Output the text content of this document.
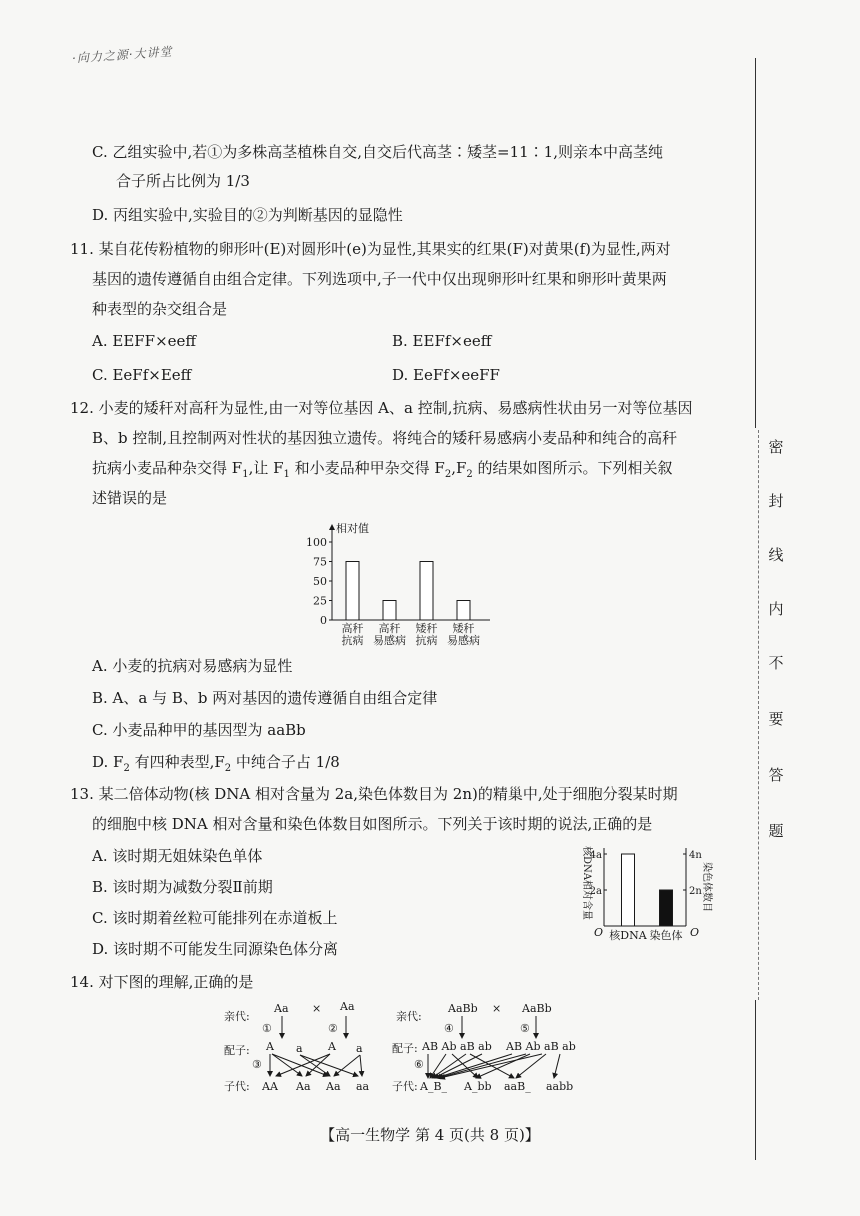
·向力之源·大讲堂
C. 乙组实验中,若①为多株高茎植株自交,自交后代高茎∶矮茎=11∶1,则亲本中高茎纯
合子所占比例为 1/3
D. 丙组实验中,实验目的②为判断基因的显隐性
11. 某自花传粉植物的卵形叶(E)对圆形叶(e)为显性,其果实的红果(F)对黄果(f)为显性,两对
基因的遗传遵循自由组合定律。下列选项中,子一代中仅出现卵形叶红果和卵形叶黄果两
种表型的杂交组合是
A. EEFF×eeff	B. EEFf×eeff
C. EeFf×Eeff	D. EeFf×eeFF
12. 小麦的矮秆对高秆为显性,由一对等位基因 A、a 控制,抗病、易感病性状由另一对等位基因
B、b 控制,且控制两对性状的基因独立遗传。将纯合的矮秆易感病小麦品种和纯合的高秆
抗病小麦品种杂交得 $F_1$,让 $F_1$ 和小麦品种甲杂交得 $F_2,F_2$ 的结果如图所示。下列相关叙
述错误的是
相对值
0
25
50
75
100
高秆
抗病
高秆
易感病
矮秆
抗病
矮秆
易感病
A. 小麦的抗病对易感病为显性
B. A、a 与 B、b 两对基因的遗传遵循自由组合定律
C. 小麦品种甲的基因型为 aaBb
D. $F_2$ 有四种表型$,F_2$ 中纯合子占 1/8
13. 某二倍体动物(核 DNA 相对含量为 2a,染色体数目为 2n)的精巢中,处于细胞分裂某时期
的细胞中核 DNA 相对含量和染色体数目如图所示。下列关于该时期的说法,正确的是
A. 该时期无姐妹染色单体
B. 该时期为减数分裂Ⅱ前期
C. 该时期着丝粒可能排列在赤道板上
D. 该时期不可能发生同源染色体分离
2a	2n
4a	4n
核DNA 染色体
O	O
核DNA相对含量	染色体数目
14. 对下图的理解,正确的是
亲代:
Aa × Aa
①	②
配子: A a A a
③
子代: AA Aa Aa aa
亲代:
AaBb × AaBb
④	⑤
配子: AB Ab aB ab AB Ab aB ab
⑥
子代: A_B_ A_bb aaB_ aabb
密
封
线
内
不
要
答
题
【高一生物学 第 4 页(共 8 页)】
